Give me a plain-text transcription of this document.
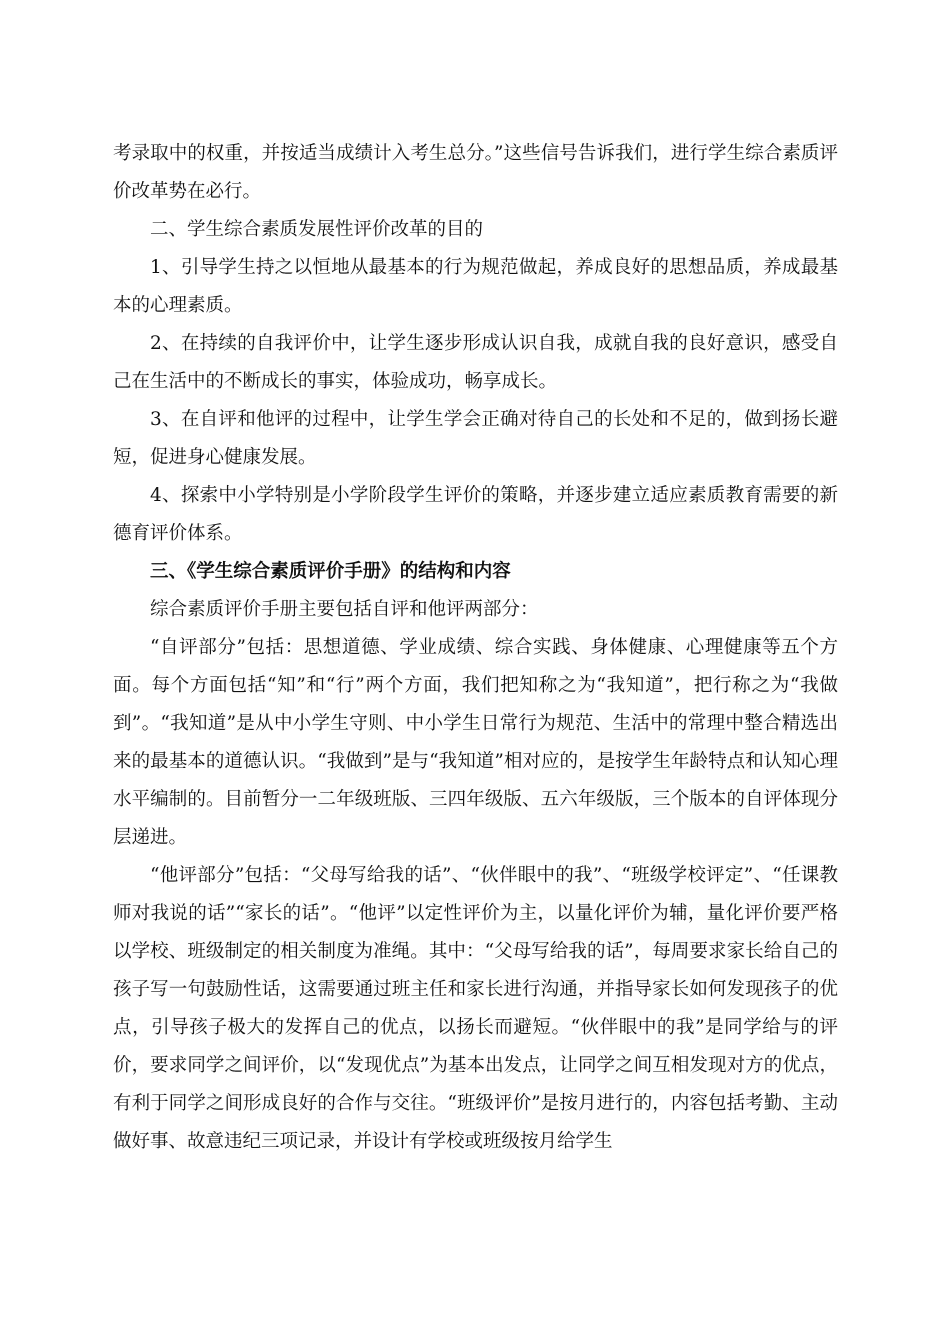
考录取中的权重，并按适当成绩计入考生总分。”这些信号告诉我们，进行学生综合素质评价改革势在必行。

二、学生综合素质发展性评价改革的目的

1、引导学生持之以恒地从最基本的行为规范做起，养成良好的思想品质，养成最基本的心理素质。

2、在持续的自我评价中，让学生逐步形成认识自我，成就自我的良好意识，感受自己在生活中的不断成长的事实，体验成功，畅享成长。

3、在自评和他评的过程中，让学生学会正确对待自己的长处和不足的，做到扬长避短，促进身心健康发展。

4、探索中小学特别是小学阶段学生评价的策略，并逐步建立适应素质教育需要的新德育评价体系。

三、《学生综合素质评价手册》的结构和内容

综合素质评价手册主要包括自评和他评两部分：

“自评部分”包括：思想道德、学业成绩、综合实践、身体健康、心理健康等五个方面。每个方面包括“知”和“行”两个方面，我们把知称之为“我知道”，把行称之为“我做到”。“我知道”是从中小学生守则、中小学生日常行为规范、生活中的常理中整合精选出来的最基本的道德认识。“我做到”是与“我知道”相对应的，是按学生年龄特点和认知心理水平编制的。目前暂分一二年级班版、三四年级版、五六年级版，三个版本的自评体现分层递进。

“他评部分”包括：“父母写给我的话”、“伙伴眼中的我”、“班级学校评定”、“任课教师对我说的话”“家长的话”。“他评”以定性评价为主，以量化评价为辅，量化评价要严格以学校、班级制定的相关制度为准绳。其中：“父母写给我的话”，每周要求家长给自己的孩子写一句鼓励性话，这需要通过班主任和家长进行沟通，并指导家长如何发现孩子的优点，引导孩子极大的发挥自己的优点，以扬长而避短。“伙伴眼中的我”是同学给与的评价，要求同学之间评价，以“发现优点”为基本出发点，让同学之间互相发现对方的优点，有利于同学之间形成良好的合作与交往。“班级评价”是按月进行的，内容包括考勤、主动做好事、故意违纪三项记录，并设计有学校或班级按月给学生
